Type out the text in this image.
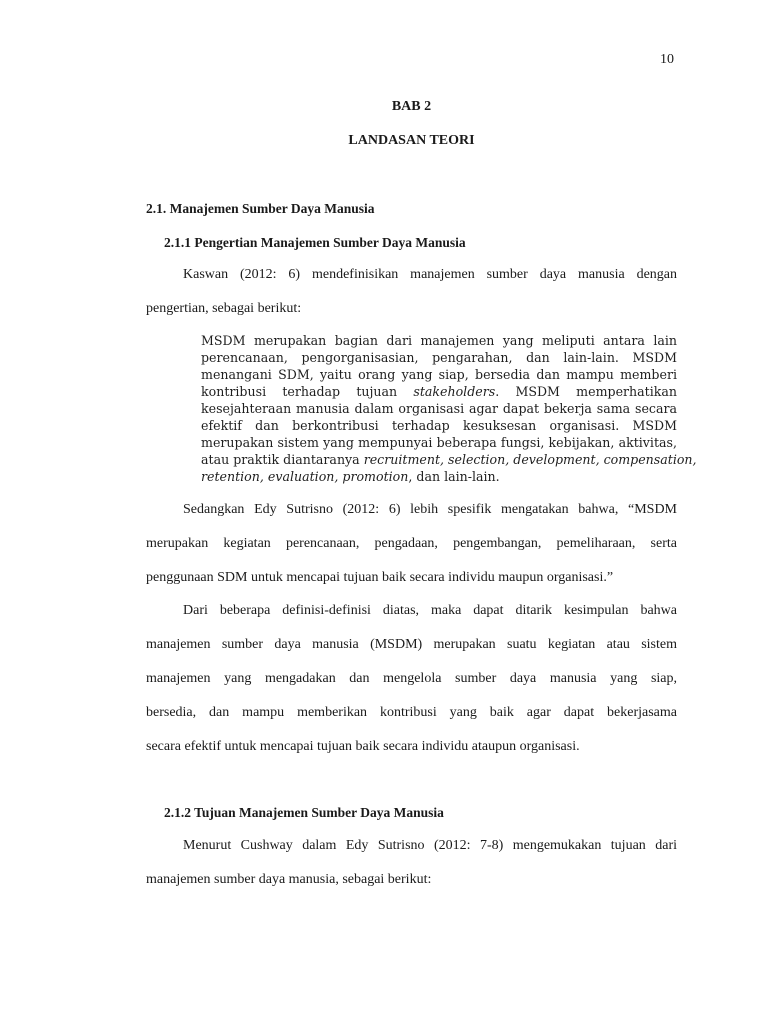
10
BAB 2
LANDASAN TEORI
2.1. Manajemen Sumber Daya Manusia
2.1.1 Pengertian Manajemen Sumber Daya Manusia
Kaswan (2012: 6) mendefinisikan manajemen sumber daya manusia dengan
pengertian, sebagai berikut:
MSDM merupakan bagian dari manajemen yang meliputi antara lain
perencanaan, pengorganisasian, pengarahan, dan lain-lain. MSDM
menangani SDM, yaitu orang yang siap, bersedia dan mampu memberi
kontribusi terhadap tujuan stakeholders. MSDM memperhatikan
kesejahteraan manusia dalam organisasi agar dapat bekerja sama secara
efektif dan berkontribusi terhadap kesuksesan organisasi. MSDM
merupakan sistem yang mempunyai beberapa fungsi, kebijakan, aktivitas,
atau praktik diantaranya recruitment, selection, development, compensation,
retention, evaluation, promotion, dan lain-lain.
Sedangkan Edy Sutrisno (2012: 6) lebih spesifik mengatakan bahwa, “MSDM
merupakan kegiatan perencanaan, pengadaan, pengembangan, pemeliharaan, serta
penggunaan SDM untuk mencapai tujuan baik secara individu maupun organisasi.”
Dari beberapa definisi-definisi diatas, maka dapat ditarik kesimpulan bahwa
manajemen sumber daya manusia (MSDM) merupakan suatu kegiatan atau sistem
manajemen yang mengadakan dan mengelola sumber daya manusia yang siap,
bersedia, dan mampu memberikan kontribusi yang baik agar dapat bekerjasama
secara efektif untuk mencapai tujuan baik secara individu ataupun organisasi.
2.1.2 Tujuan Manajemen Sumber Daya Manusia
Menurut Cushway dalam Edy Sutrisno (2012: 7-8) mengemukakan tujuan dari
manajemen sumber daya manusia, sebagai berikut:
